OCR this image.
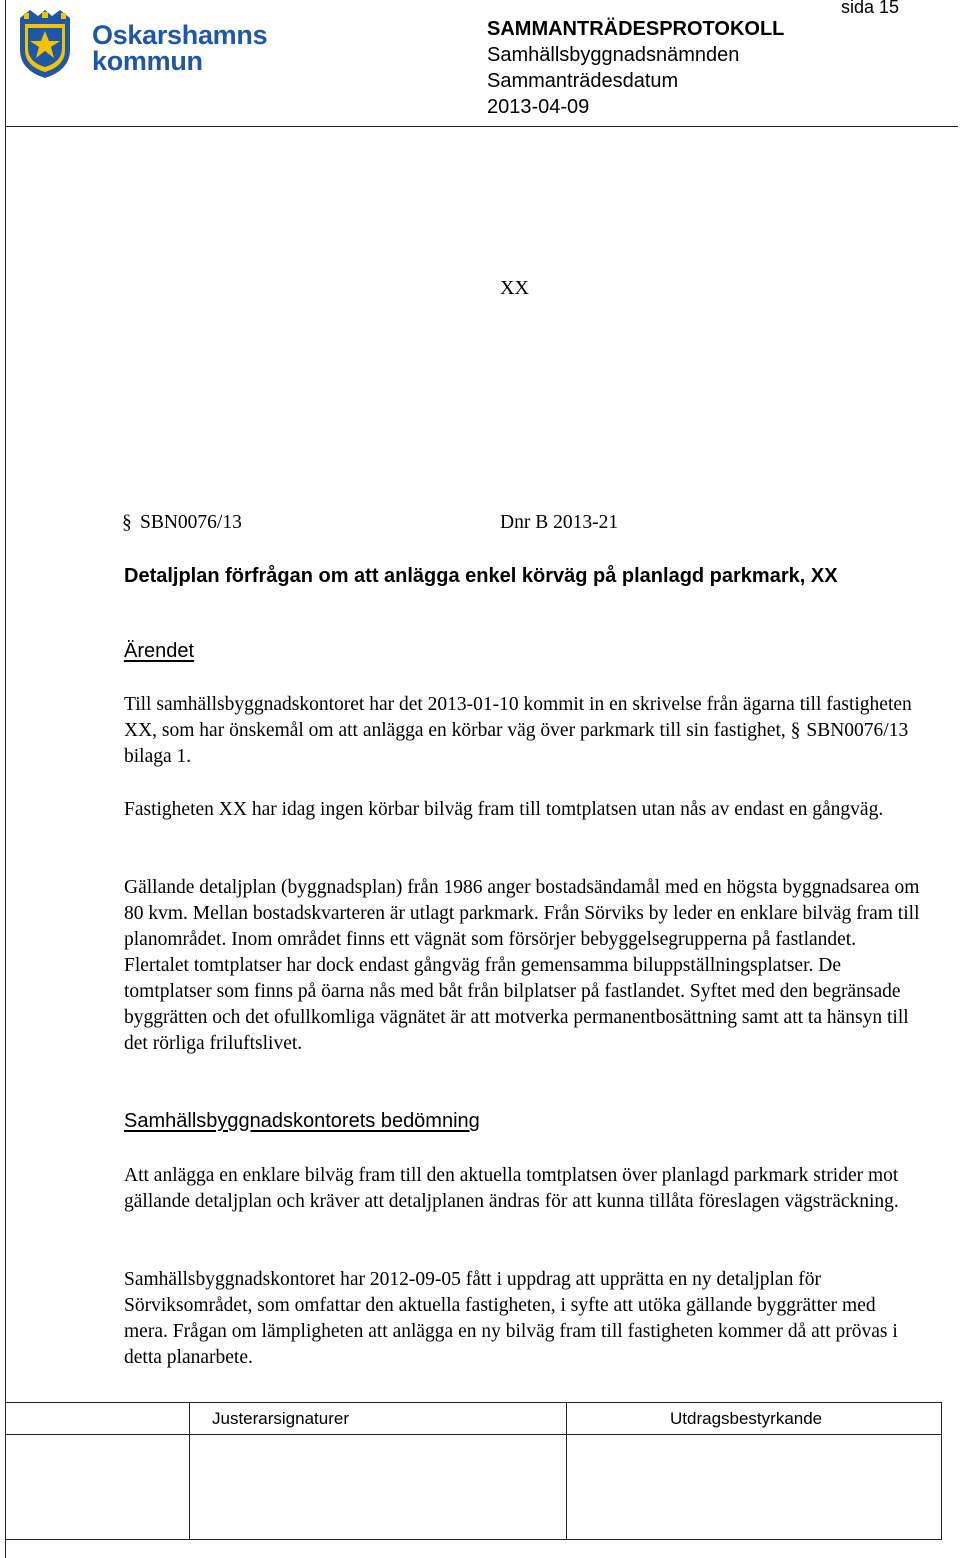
Oskarshamns
kommun
sida 15
SAMMANTRÄDESPROTOKOLL
Samhällsbyggnadsnämnden
Sammanträdesdatum
2013-04-09
XX
§ SBN0076/13	Dnr B 2013-21
Detaljplan förfrågan om att anlägga enkel körväg på planlagd parkmark, XX
Ärendet

Till samhällsbyggnadskontoret har det 2013-01-10 kommit in en skrivelse från ägarna till fastigheten XX, som har önskemål om att anlägga en körbar väg över parkmark till sin fastighet, § SBN0076/13 bilaga 1.

Fastigheten XX har idag ingen körbar bilväg fram till tomtplatsen utan nås av endast en gångväg.

Gällande detaljplan (byggnadsplan) från 1986 anger bostadsändamål med en högsta byggnadsarea om 80 kvm. Mellan bostadskvarteren är utlagt parkmark. Från Sörviks by leder en enklare bilväg fram till planområdet. Inom området finns ett vägnät som försörjer bebyggelsegrupperna på fastlandet. Flertalet tomtplatser har dock endast gångväg från gemensamma biluppställningsplatser. De tomtplatser som finns på öarna nås med båt från bilplatser på fastlandet. Syftet med den begränsade byggrätten och det ofullkomliga vägnätet är att motverka permanentbosättning samt att ta hänsyn till det rörliga friluftslivet.

Samhällsbyggnadskontorets bedömning

Att anlägga en enklare bilväg fram till den aktuella tomtplatsen över planlagd parkmark strider mot gällande detaljplan och kräver att detaljplanen ändras för att kunna tillåta föreslagen vägsträckning.

Samhällsbyggnadskontoret har 2012-09-05 fått i uppdrag att upprätta en ny detaljplan för Sörviksområdet, som omfattar den aktuella fastigheten, i syfte att utöka gällande byggrätter med mera. Frågan om lämpligheten att anlägga en ny bilväg fram till fastigheten kommer då att prövas i detta planarbete.

Justerarsignaturer	Utdragsbestyrkande
